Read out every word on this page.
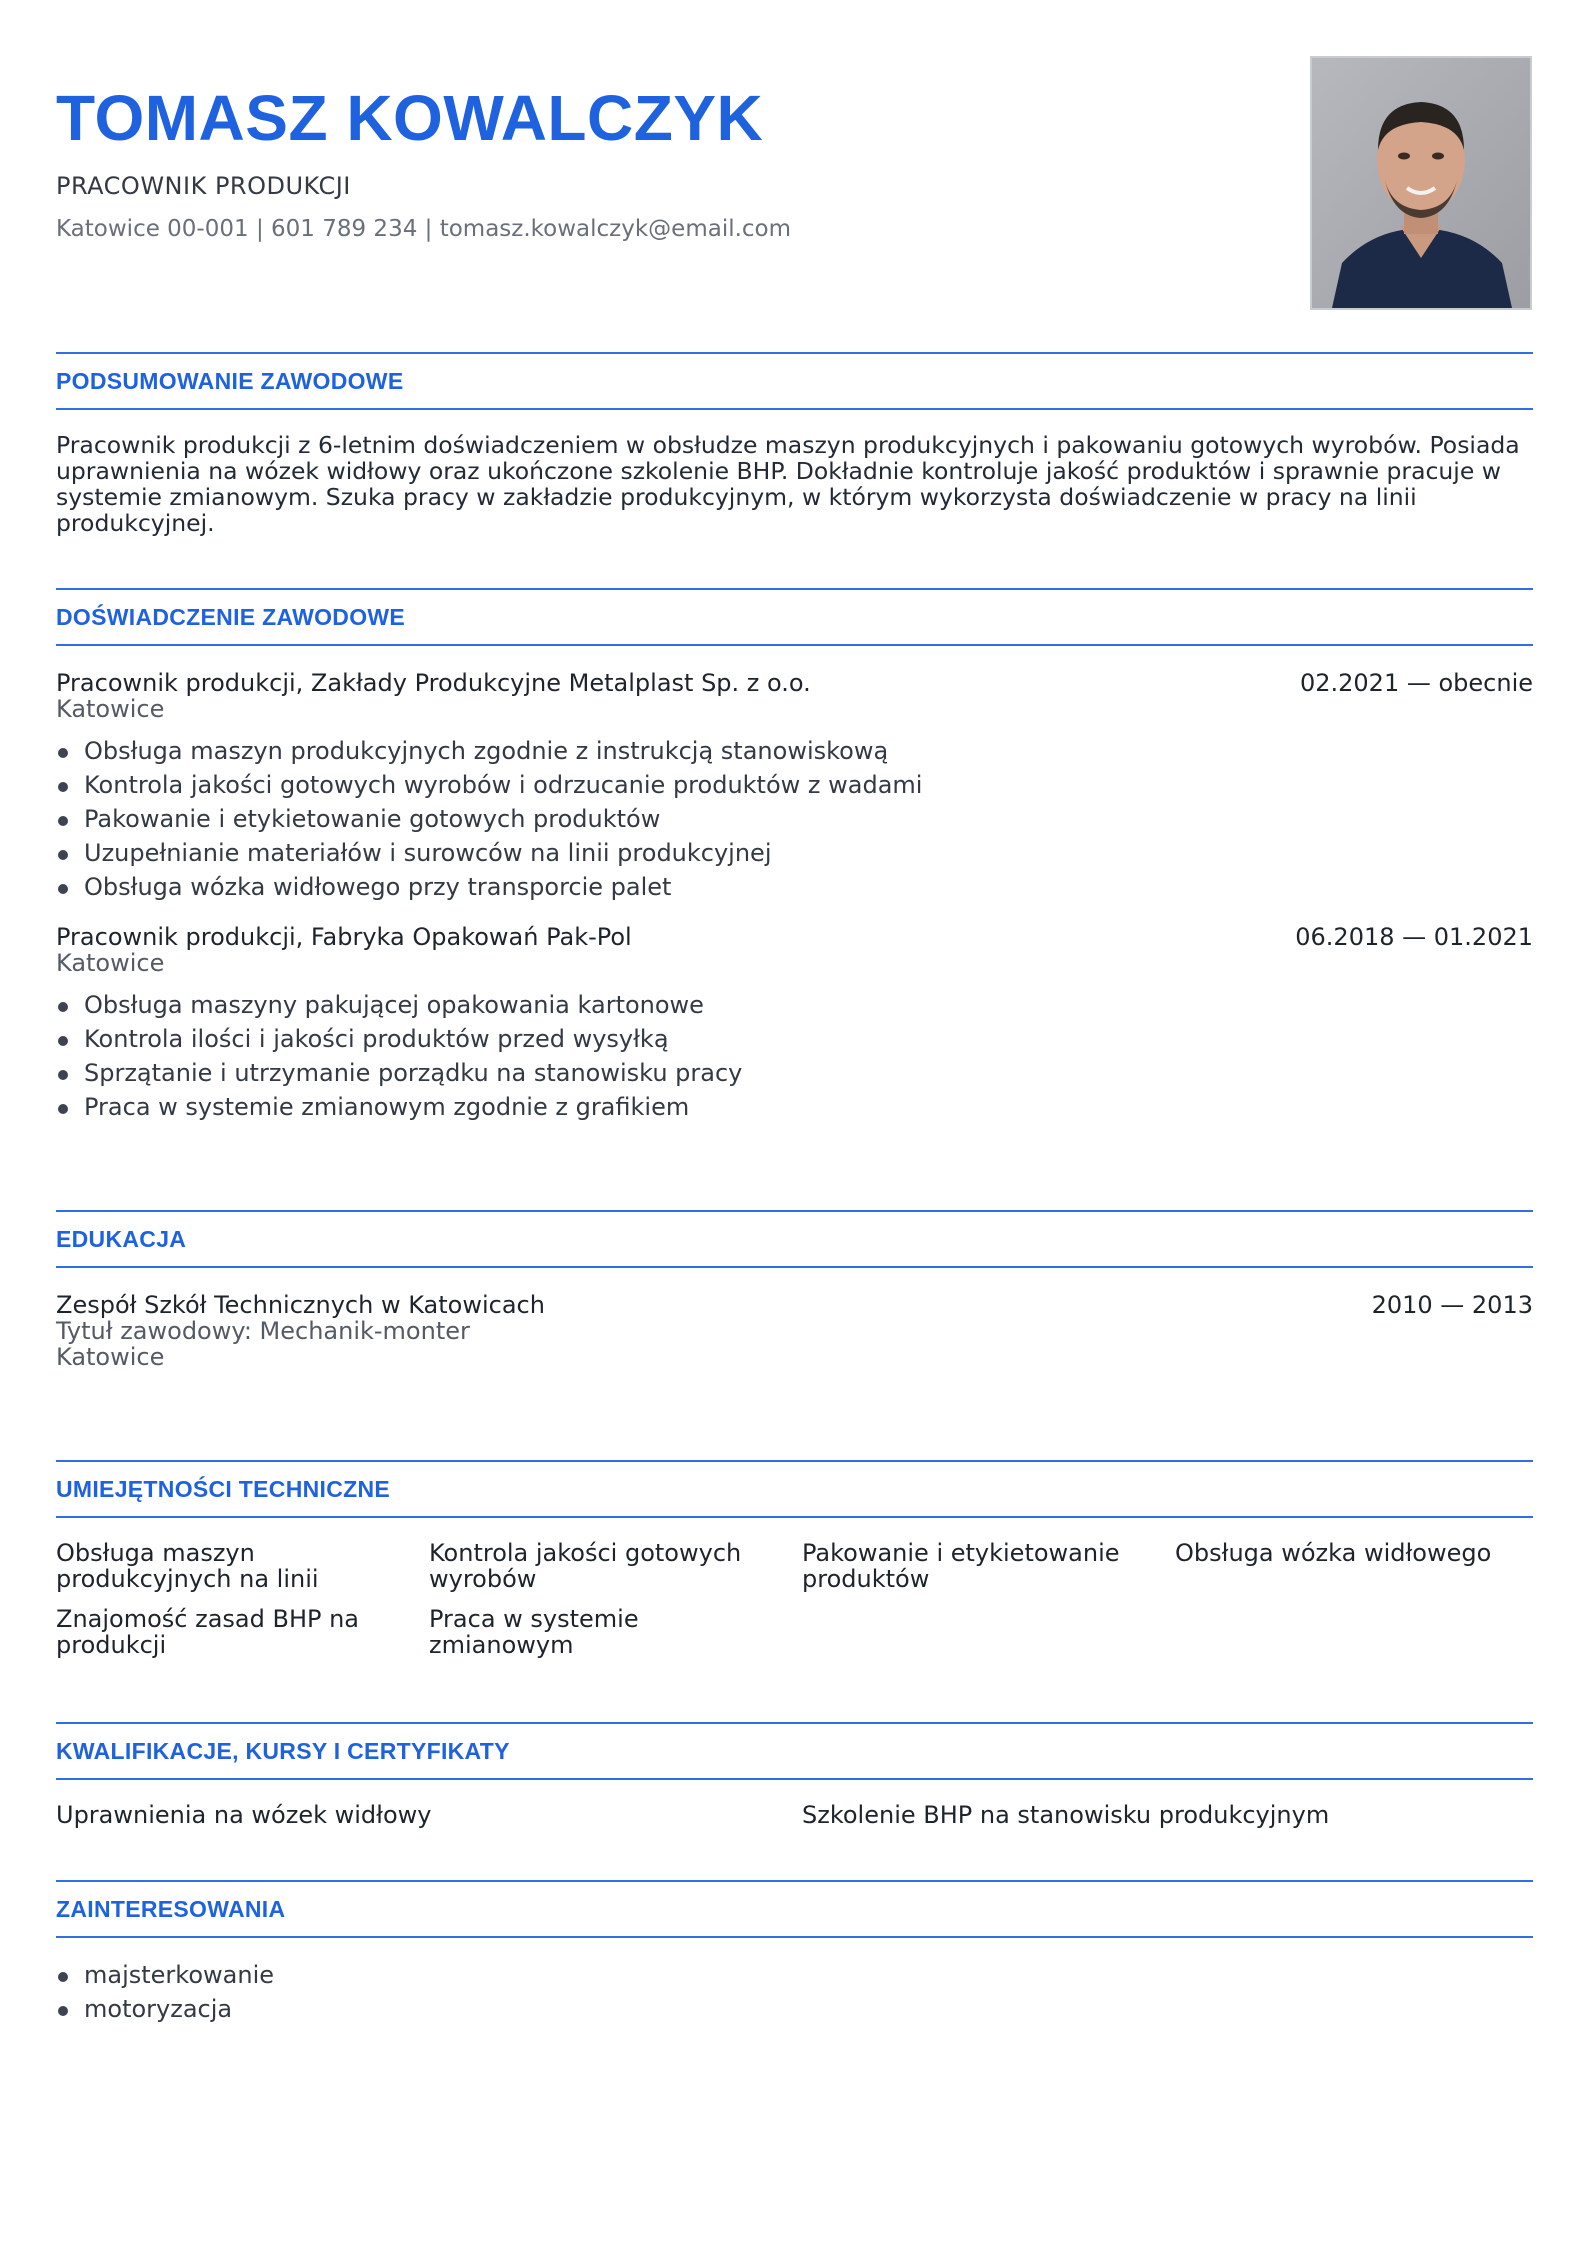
TOMASZ KOWALCZYK
PRACOWNIK PRODUKCJI
Katowice 00-001 | 601 789 234 | tomasz.kowalczyk@email.com
PODSUMOWANIE ZAWODOWE
Pracownik produkcji z 6-letnim doświadczeniem w obsłudze maszyn produkcyjnych i pakowaniu gotowych wyrobów. Posiada uprawnienia na wózek widłowy oraz ukończone szkolenie BHP. Dokładnie kontroluje jakość produktów i sprawnie pracuje w systemie zmianowym. Szuka pracy w zakładzie produkcyjnym, w którym wykorzysta doświadczenie w pracy na linii produkcyjnej.
DOŚWIADCZENIE ZAWODOWE
Pracownik produkcji, Zakłady Produkcyjne Metalplast Sp. z o.o.	02.2021 — obecnie
Katowice
Obsługa maszyn produkcyjnych zgodnie z instrukcją stanowiskową
Kontrola jakości gotowych wyrobów i odrzucanie produktów z wadami
Pakowanie i etykietowanie gotowych produktów
Uzupełnianie materiałów i surowców na linii produkcyjnej
Obsługa wózka widłowego przy transporcie palet
Pracownik produkcji, Fabryka Opakowań Pak-Pol	06.2018 — 01.2021
Katowice
Obsługa maszyny pakującej opakowania kartonowe
Kontrola ilości i jakości produktów przed wysyłką
Sprzątanie i utrzymanie porządku na stanowisku pracy
Praca w systemie zmianowym zgodnie z grafikiem
EDUKACJA
Zespół Szkół Technicznych w Katowicach	2010 — 2013
Tytuł zawodowy: Mechanik-monter
Katowice
UMIEJĘTNOŚCI TECHNICZNE
Obsługa maszyn produkcyjnych na linii
Kontrola jakości gotowych wyrobów
Pakowanie i etykietowanie produktów
Obsługa wózka widłowego
Znajomość zasad BHP na produkcji
Praca w systemie zmianowym
KWALIFIKACJE, KURSY I CERTYFIKATY
Uprawnienia na wózek widłowy	Szkolenie BHP na stanowisku produkcyjnym
ZAINTERESOWANIA
majsterkowanie
motoryzacja
